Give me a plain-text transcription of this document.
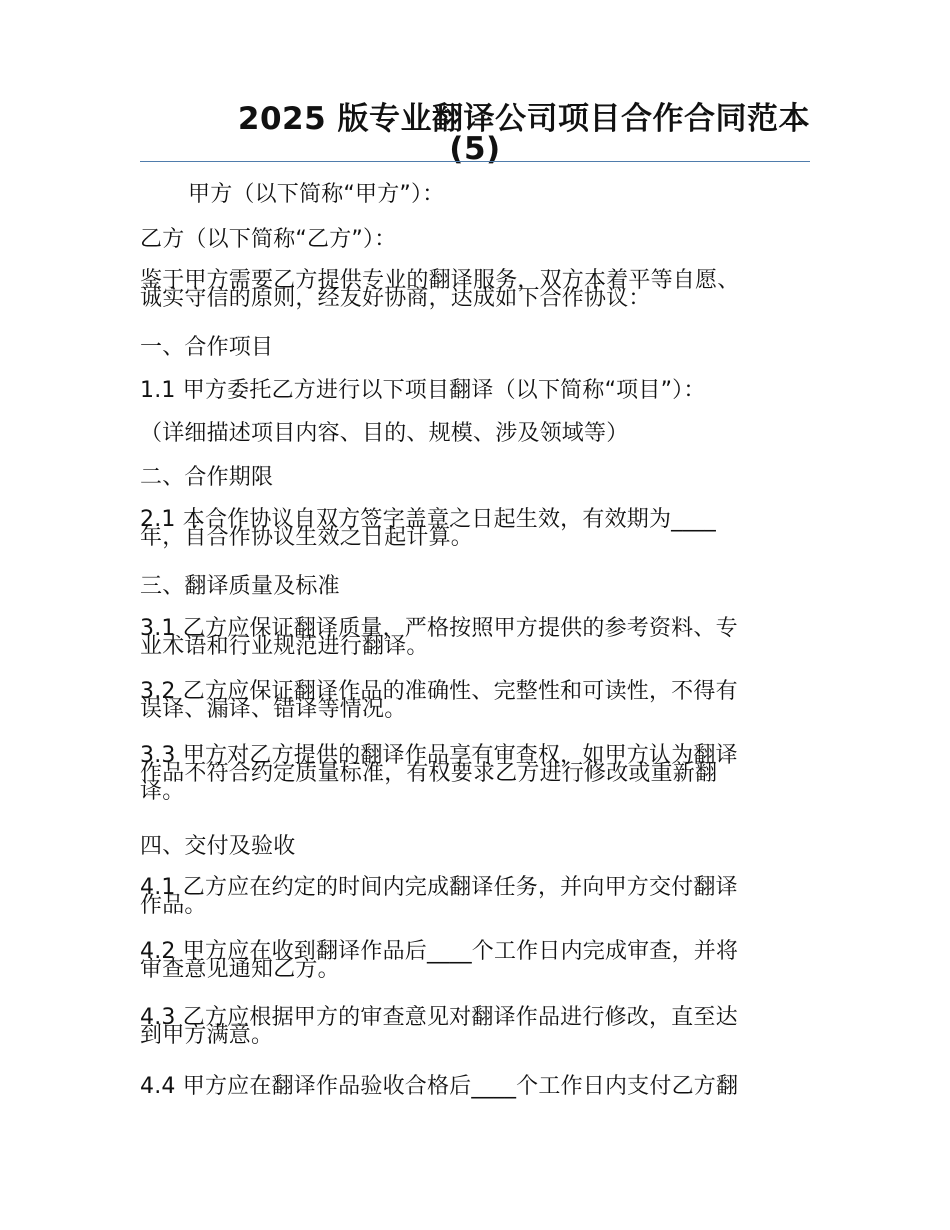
2025 版专业翻译公司项目合作合同范本
(5)

甲方（以下简称“甲方”）：

乙方（以下简称“乙方”）：

鉴于甲方需要乙方提供专业的翻译服务，双方本着平等自愿、
诚实守信的原则，经友好协商，达成如下合作协议：

一、合作项目

1.1 甲方委托乙方进行以下项目翻译（以下简称“项目”）：

（详细描述项目内容、目的、规模、涉及领域等）

二、合作期限

2.1 本合作协议自双方签字盖章之日起生效，有效期为____
年，自合作协议生效之日起计算。

三、翻译质量及标准

3.1 乙方应保证翻译质量，严格按照甲方提供的参考资料、专
业术语和行业规范进行翻译。

3.2 乙方应保证翻译作品的准确性、完整性和可读性，不得有
误译、漏译、错译等情况。

3.3 甲方对乙方提供的翻译作品享有审查权，如甲方认为翻译
作品不符合约定质量标准，有权要求乙方进行修改或重新翻
译。

四、交付及验收

4.1 乙方应在约定的时间内完成翻译任务，并向甲方交付翻译
作品。

4.2 甲方应在收到翻译作品后____个工作日内完成审查，并将
审查意见通知乙方。

4.3 乙方应根据甲方的审查意见对翻译作品进行修改，直至达
到甲方满意。

4.4 甲方应在翻译作品验收合格后____个工作日内支付乙方翻
